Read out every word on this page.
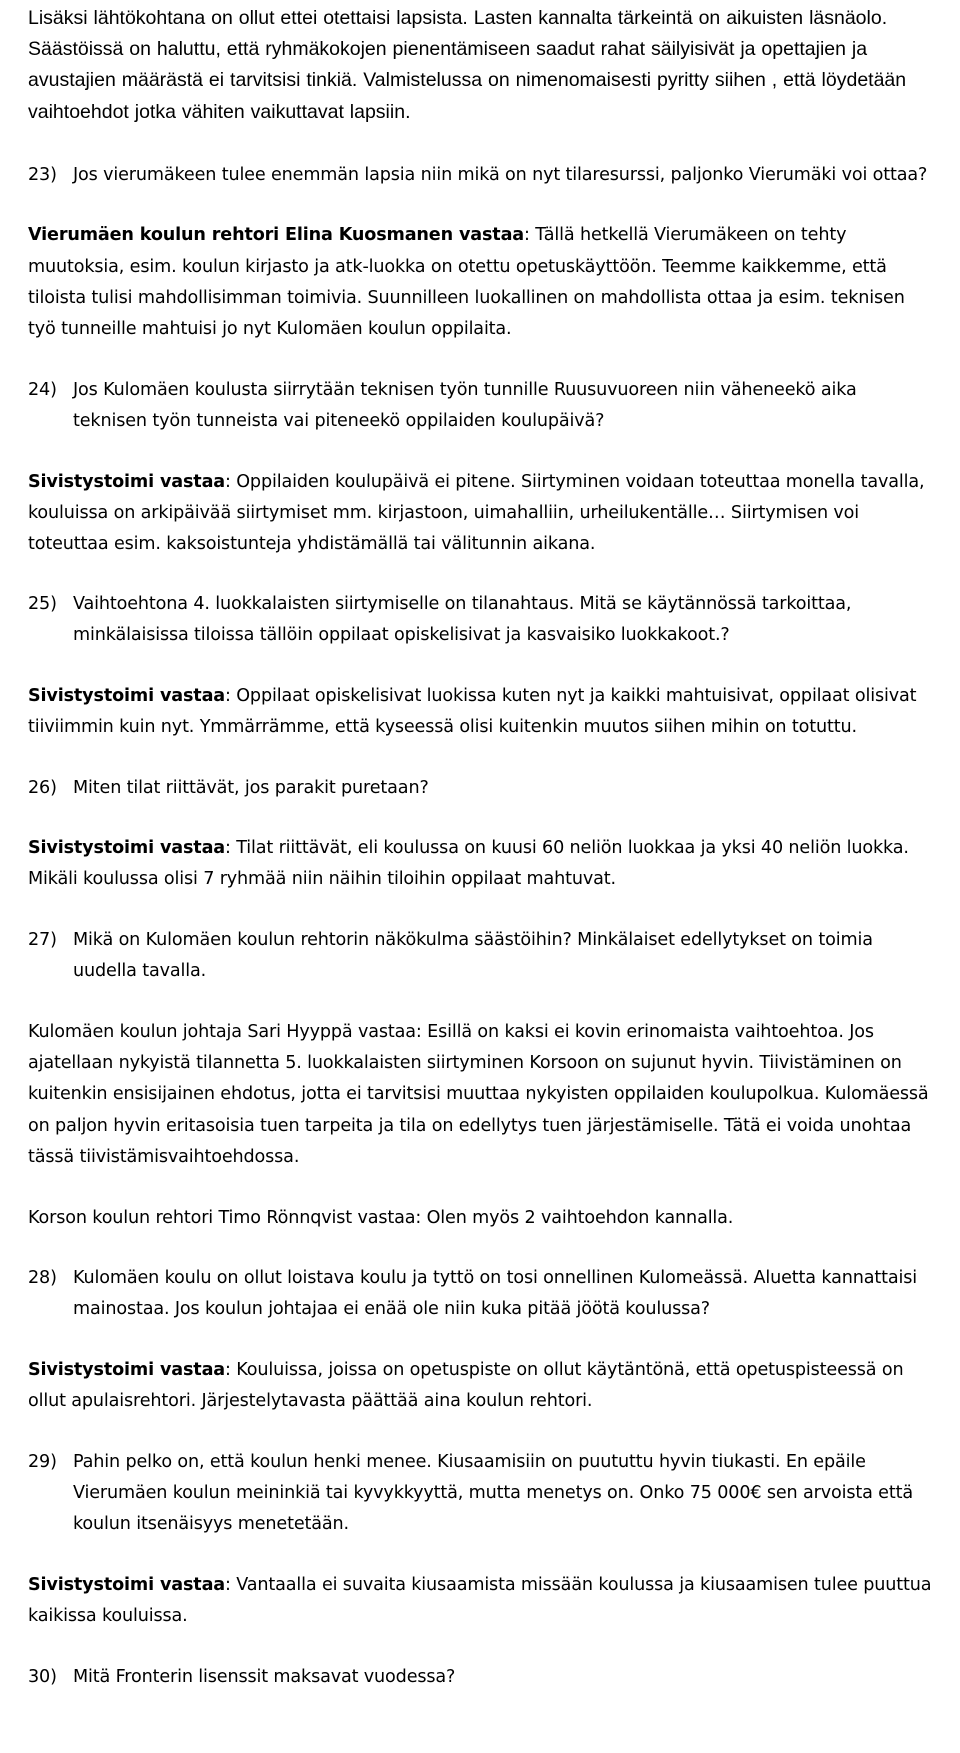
Lisäksi lähtökohtana on ollut ettei otettaisi lapsista. Lasten kannalta tärkeintä on aikuisten läsnäolo. Säästöissä on haluttu, että ryhmäkokojen pienentämiseen saadut rahat säilyisivät ja opettajien ja avustajien määrästä ei tarvitsisi tinkiä. Valmistelussa on nimenomaisesti pyritty siihen , että löydetään vaihtoehdot jotka vähiten vaikuttavat lapsiin.

23) Jos vierumäkeen tulee enemmän lapsia niin mikä on nyt tilaresurssi, paljonko Vierumäki voi ottaa?

Vierumäen koulun rehtori Elina Kuosmanen vastaa: Tällä hetkellä Vierumäkeen on tehty muutoksia, esim. koulun kirjasto ja atk-luokka on otettu opetuskäyttöön. Teemme kaikkemme, että tiloista tulisi mahdollisimman toimivia. Suunnilleen luokallinen on mahdollista ottaa ja esim. teknisen työ tunneille mahtuisi jo nyt Kulomäen koulun oppilaita.

24) Jos Kulomäen koulusta siirrytään teknisen työn tunnille Ruusuvuoreen niin väheneekö aika teknisen työn tunneista vai piteneekö oppilaiden koulupäivä?

Sivistystoimi vastaa: Oppilaiden koulupäivä ei pitene. Siirtyminen voidaan toteuttaa monella tavalla, kouluissa on arkipäivää siirtymiset mm. kirjastoon, uimahalliin, urheilukentälle… Siirtymisen voi toteuttaa esim. kaksoistunteja yhdistämällä tai välitunnin aikana.

25) Vaihtoehtona 4. luokkalaisten siirtymiselle on tilanahtaus. Mitä se käytännössä tarkoittaa, minkälaisissa tiloissa tällöin oppilaat opiskelisivat ja kasvaisiko luokkakoot.?

Sivistystoimi vastaa: Oppilaat opiskelisivat luokissa kuten nyt ja kaikki mahtuisivat, oppilaat olisivat tiiviimmin kuin nyt. Ymmärrämme, että kyseessä olisi kuitenkin muutos siihen mihin on totuttu.

26) Miten tilat riittävät, jos parakit puretaan?

Sivistystoimi vastaa: Tilat riittävät, eli koulussa on kuusi 60 neliön luokkaa ja yksi 40 neliön luokka. Mikäli koulussa olisi 7 ryhmää niin näihin tiloihin oppilaat mahtuvat.

27) Mikä on Kulomäen koulun rehtorin näkökulma säästöihin? Minkälaiset edellytykset on toimia uudella tavalla.

Kulomäen koulun johtaja Sari Hyyppä vastaa: Esillä on kaksi ei kovin erinomaista vaihtoehtoa. Jos ajatellaan nykyistä tilannetta 5. luokkalaisten siirtyminen Korsoon on sujunut hyvin. Tiivistäminen on kuitenkin ensisijainen ehdotus, jotta ei tarvitsisi muuttaa nykyisten oppilaiden koulupolkua. Kulomäessä on paljon hyvin eritasoisia tuen tarpeita ja tila on edellytys tuen järjestämiselle. Tätä ei voida unohtaa tässä tiivistämisvaihtoehdossa.

Korson koulun rehtori Timo Rönnqvist vastaa: Olen myös 2 vaihtoehdon kannalla.

28) Kulomäen koulu on ollut loistava koulu ja tyttö on tosi onnellinen Kulomeässä. Aluetta kannattaisi mainostaa. Jos koulun johtajaa ei enää ole niin kuka pitää jöötä koulussa?

Sivistystoimi vastaa: Kouluissa, joissa on opetuspiste on ollut käytäntönä, että opetuspisteessä on ollut apulaisrehtori. Järjestelytavasta päättää aina koulun rehtori.

29) Pahin pelko on, että koulun henki menee. Kiusaamisiin on puututtu hyvin tiukasti. En epäile Vierumäen koulun meininkiä tai kyvykkyyttä, mutta menetys on. Onko 75 000€ sen arvoista että koulun itsenäisyys menetetään.

Sivistystoimi vastaa: Vantaalla ei suvaita kiusaamista missään koulussa ja kiusaamisen tulee puuttua kaikissa kouluissa.

30) Mitä Fronterin lisenssit maksavat vuodessa?
